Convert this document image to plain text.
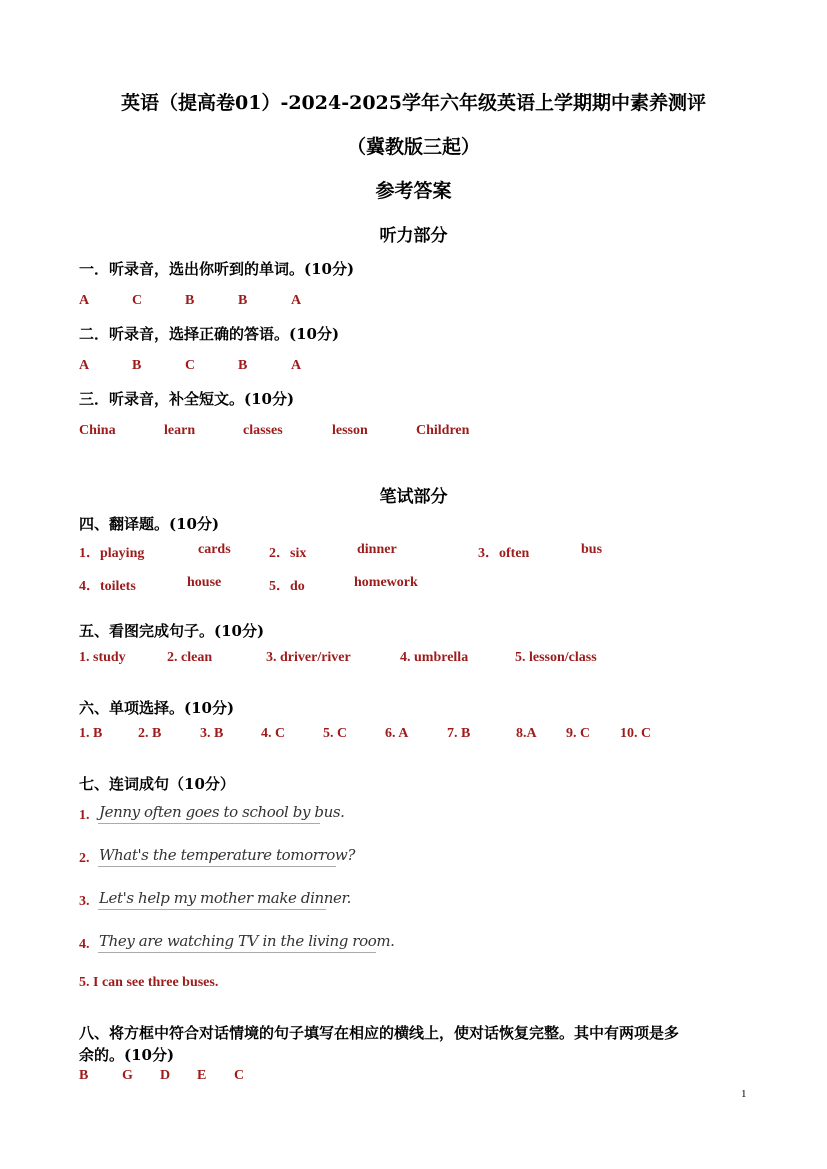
英语（提高卷01）-2024-2025学年六年级英语上学期期中素养测评
（冀教版三起）
参考答案
听力部分
一．听录音，选出你听到的单词。(10分)
A	C	B	B	A
二．听录音，选择正确的答语。(10分)
A	B	C	B	A
三．听录音，补全短文。(10分)
China	learn	classes	lesson	Children
笔试部分
四、翻译题。(10分)
1．playing	cards	2．six	dinner	3．often	bus
4．toilets	house	5．do	homework
五、看图完成句子。(10分)
1. study	2. clean	3. driver/river	4. umbrella	5. lesson/class
六、单项选择。(10分)
1. B	2. B	3. B	4. C	5. C	6. A	7. B	8.A 9. C 10. C
七、连词成句（10分）
1. Jenny often goes to school by bus.
2. What's the temperature tomorrow?
3. Let's help my mother make dinner.
4. They are watching TV in the living room.
5. I can see three buses.
八、将方框中符合对话情境的句子填写在相应的横线上，使对话恢复完整。其中有两项是多
余的。(10分)
B G D E C
1
